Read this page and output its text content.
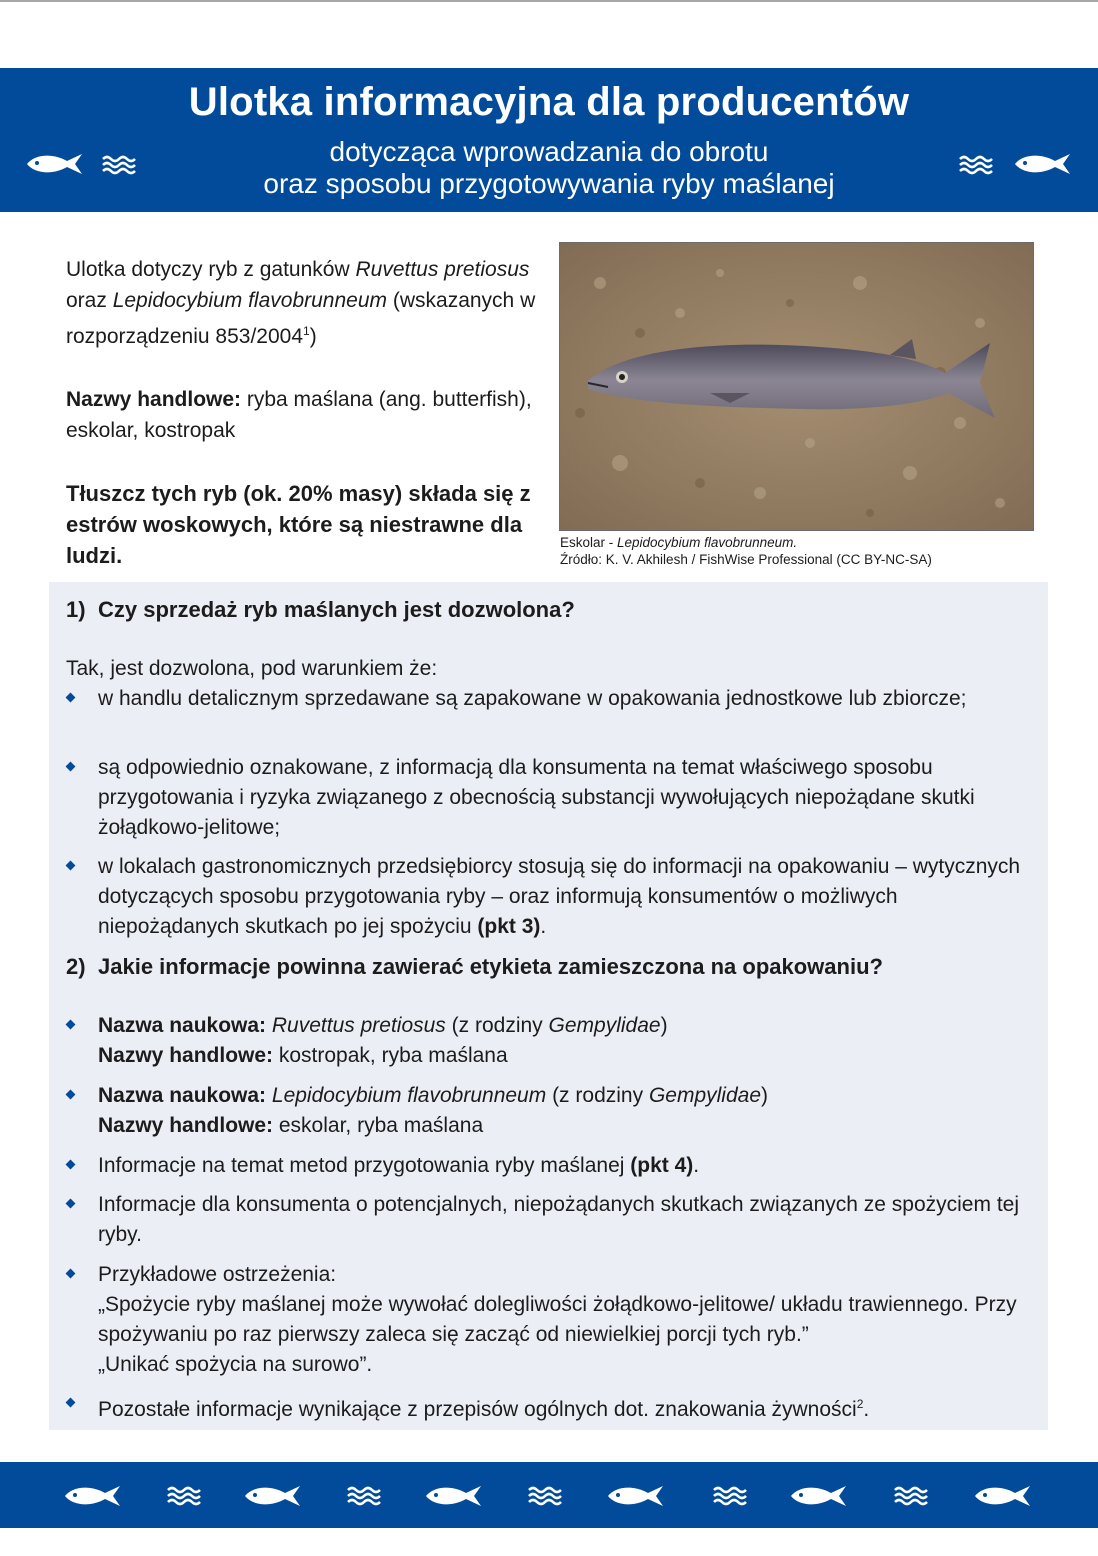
Ulotka informacyjna dla producentów
dotycząca wprowadzania do obrotu
oraz sposobu przygotowywania ryby maślanej

Ulotka dotyczy ryb z gatunków Ruvettus pretiosus oraz Lepidocybium flavobrunneum (wskazanych w rozporządzeniu 853/2004$^1$)

Nazwy handlowe: ryba maślana (ang. butterfish), eskolar, kostropak

Tłuszcz tych ryb (ok. 20% masy) składa się z estrów woskowych, które są niestrawne dla ludzi.

Eskolar - Lepidocybium flavobrunneum.
Źródło: K. V. Akhilesh / FishWise Professional (CC BY-NC-SA)
1) Czy sprzedaż ryb maślanych jest dozwolona?
Tak, jest dozwolona, pod warunkiem że:
w handlu detalicznym sprzedawane są zapakowane w opakowania jednostkowe lub zbiorcze;
są odpowiednio oznakowane, z informacją dla konsumenta na temat właściwego sposobu przygotowania i ryzyka związanego z obecnością substancji wywołujących niepożądane skutki żołądkowo-jelitowe;
w lokalach gastronomicznych przedsiębiorcy stosują się do informacji na opakowaniu – wytycznych dotyczących sposobu przygotowania ryby – oraz informują konsumentów o możliwych niepożądanych skutkach po jej spożyciu (pkt 3).
2) Jakie informacje powinna zawierać etykieta zamieszczona na opakowaniu?
Nazwa naukowa: Ruvettus pretiosus (z rodziny Gempylidae)
Nazwy handlowe: kostropak, ryba maślana
Nazwa naukowa: Lepidocybium flavobrunneum (z rodziny Gempylidae)
Nazwy handlowe: eskolar, ryba maślana
Informacje na temat metod przygotowania ryby maślanej (pkt 4).
Informacje dla konsumenta o potencjalnych, niepożądanych skutkach związanych ze spożyciem tej ryby.
Przykładowe ostrzeżenia:
„Spożycie ryby maślanej może wywołać dolegliwości żołądkowo-jelitowe/ układu trawiennego. Przy spożywaniu po raz pierwszy zaleca się zacząć od niewielkiej porcji tych ryb.”
„Unikać spożycia na surowo”.
Pozostałe informacje wynikające z przepisów ogólnych dot. znakowania żywności$^2$.
